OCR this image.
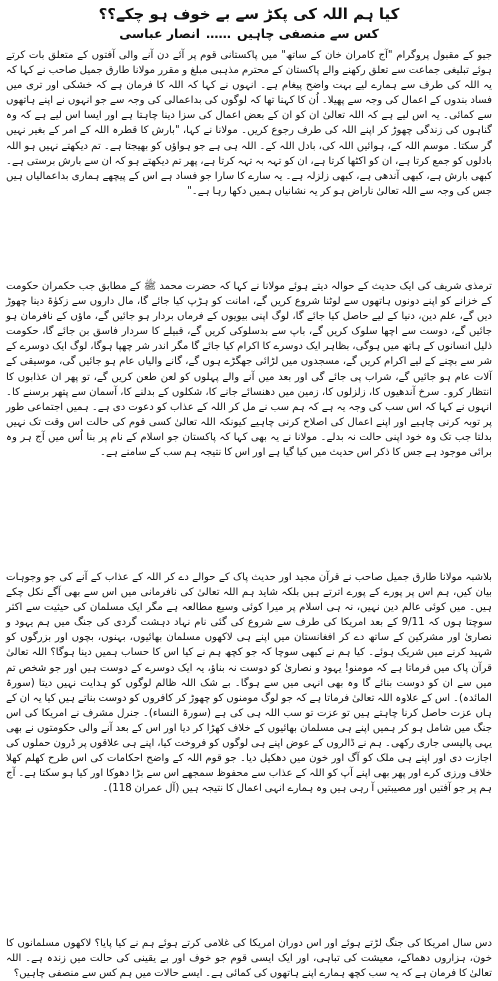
کیا ہم اللہ کی پکڑ سے بے خوف ہو چکے؟؟
کس سے منصفی چاہیں
……
انصار عباسی

جیو کے مقبول پروگرام "آج کامران خان کے ساتھ" میں پاکستانی قوم پر آئے دن آنے والی آفتوں کے متعلق بات کرتے ہوئے تبلیغی جماعت سے تعلق رکھنے والے پاکستان کے محترم مذہبی مبلغ و مقرر مولانا طارق جمیل صاحب نے کہا کہ یہ اللہ کی طرف سے ہمارے لیے بہت واضح پیغام ہے۔ انہوں نے کہا کہ اللہ کا فرمان ہے کہ خشکی اور تری میں فساد بندوں کے اعمال کی وجہ سے پھیلا۔ اُن کا کہنا تھا کہ لوگوں کی بداعمالی کی وجہ سے جو انہوں نے اپنے ہاتھوں سے کمائی۔ یہ اس لیے ہے کہ اللہ تعالیٰ ان کو ان کے بعض اعمال کی سزا دینا چاہتا ہے اور ایسا اس لیے ہے کہ وہ گناہوں کی زندگی چھوڑ کر اپنے اللہ کی طرف رجوع کریں۔ مولانا نے کہا، "بارش کا قطرہ اللہ کے امر کے بغیر نہیں گر سکتا۔ موسم اللہ کے، ہوائیں اللہ کی، بادل اللہ کے۔ اللہ ہی ہے جو ہواؤں کو بھیجتا ہے۔ تم دیکھتے نہیں ہو اللہ بادلوں کو جمع کرتا ہے، ان کو اکٹھا کرتا ہے، ان کو تہہ بہ تہہ کرتا ہے، پھر تم دیکھتے ہو کہ ان سے بارش برستی ہے۔ کبھی بارش ہے، کبھی آندھی ہے، کبھی زلزلہ ہے۔ یہ سارے کا سارا جو فساد ہے اس کے پیچھے ہماری بداعمالیاں ہیں جس کی وجہ سے اللہ تعالیٰ ناراض ہو کر یہ نشانیاں ہمیں دکھا رہا ہے۔"

ترمذی شریف کی ایک حدیث کے حوالہ دیتے ہوئے مولانا نے کہا کہ حضرت محمد ﷺ کے مطابق جب حکمران حکومت کے خزانے کو اپنے دونوں ہاتھوں سے لوٹنا شروع کریں گے، امانت کو ہڑپ کیا جائے گا، مال داروں سے زکوٰۃ دینا چھوڑ دیں گے، علم دین، دنیا کے لیے حاصل کیا جائے گا، لوگ اپنی بیویوں کے فرماں بردار ہو جائیں گے، ماؤں کے نافرمان ہو جائیں گے، دوست سے اچھا سلوک کریں گے، باپ سے بدسلوکی کریں گے، قبیلے کا سردار فاسق بن جائے گا، حکومت ذلیل انسانوں کے ہاتھ میں ہوگی، بظاہر ایک دوسرے کا اکرام کیا جائے گا مگر اندر شر چھپا ہوگا، لوگ ایک دوسرے کے شر سے بچنے کے لیے اکرام کریں گے، مسجدوں میں لڑائی جھگڑے ہوں گے، گانے والیاں عام ہو جائیں گی، موسیقی کے آلات عام ہو جائیں گے، شراب پی جائے گی اور بعد میں آنے والے پہلوں کو لعن طعن کریں گے، تو پھر ان عذابوں کا انتظار کرو۔ سرخ آندھیوں کا، زلزلوں کا، زمین میں دھنسائے جانے کا، شکلوں کے بدلنے کا، آسمان سے پتھر برسنے کا۔ انہوں نے کہا کہ اس سب کی وجہ یہ ہے کہ ہم سب نے مل کر اللہ کے عذاب کو دعوت دی ہے۔ ہمیں اجتماعی طور پر توبہ کرنی چاہیے اور اپنے اعمال کی اصلاح کرنی چاہیے کیونکہ اللہ تعالیٰ کسی قوم کی حالت اس وقت تک نہیں بدلتا جب تک وہ خود اپنی حالت نہ بدلے۔ مولانا نے یہ بھی کہا کہ پاکستان جو اسلام کے نام پر بنا اُس میں آج ہر وہ برائی موجود ہے جس کا ذکر اس حدیث میں کیا گیا ہے اور اس کا نتیجہ ہم سب کے سامنے ہے۔

بلاشبہ مولانا طارق جمیل صاحب نے قرآن مجید اور حدیث پاک کے حوالے دے کر اللہ کے عذاب کے آنے کی جو وجوہات بیان کیں، ہم اس پر پورے کے پورے اترتے ہیں بلکہ شاید ہم اللہ تعالیٰ کی نافرمانی میں اس سے بھی آگے نکل چکے ہیں۔ میں کوئی عالم دین نہیں، نہ ہی اسلام پر میرا کوئی وسیع مطالعہ ہے مگر ایک مسلمان کی حیثیت سے اکثر سوچتا ہوں کہ 9/11 کے بعد امریکا کی طرف سے شروع کی گئی نام نہاد دہشت گردی کی جنگ میں ہم یہود و نصاریٰ اور مشرکین کے ساتھ دے کر افغانستان میں اپنے ہی لاکھوں مسلمان بھائیوں، بہنوں، بچوں اور بزرگوں کو شہید کرنے میں شریک ہوئے۔ کیا ہم نے کبھی سوچا کہ جو کچھ ہم نے کیا اس کا حساب ہمیں دینا ہوگا؟ اللہ تعالیٰ قرآن پاک میں فرماتا ہے کہ مومنو! یہود و نصاریٰ کو دوست نہ بناؤ، یہ ایک دوسرے کے دوست ہیں اور جو شخص تم میں سے ان کو دوست بنائے گا وہ بھی انہی میں سے ہوگا۔ بے شک اللہ ظالم لوگوں کو ہدایت نہیں دیتا (سورۃ المائدہ)۔ اس کے علاوہ اللہ تعالیٰ فرماتا ہے کہ جو لوگ مومنوں کو چھوڑ کر کافروں کو دوست بناتے ہیں کیا یہ ان کے ہاں عزت حاصل کرنا چاہتے ہیں تو عزت تو سب اللہ ہی کی ہے (سورۃ النساء)۔ جنرل مشرف نے امریکا کی اس جنگ میں شامل ہو کر ہمیں اپنے ہی مسلمان بھائیوں کے خلاف کھڑا کر دیا اور اس کے بعد آنے والی حکومتوں نے بھی یہی پالیسی جاری رکھی۔ ہم نے ڈالروں کے عوض اپنے ہی لوگوں کو فروخت کیا، اپنے ہی علاقوں پر ڈرون حملوں کی اجازت دی اور اپنے ہی ملک کو آگ اور خون میں دھکیل دیا۔ جو قوم اللہ کے واضح احکامات کی اس طرح کھلم کھلا خلاف ورزی کرے اور پھر بھی اپنے آپ کو اللہ کے عذاب سے محفوظ سمجھے اس سے بڑا دھوکا اور کیا ہو سکتا ہے۔ آج ہم پر جو آفتیں اور مصیبتیں آ رہی ہیں وہ ہمارے انہی اعمال کا نتیجہ ہیں (آل عمران 118)۔

دس سال امریکا کی جنگ لڑتے ہوئے اور اس دوران امریکا کی غلامی کرتے ہوئے ہم نے کیا پایا؟ لاکھوں مسلمانوں کا خون، ہزاروں دھماکے، معیشت کی تباہی، اور ایک ایسی قوم جو خوف اور بے یقینی کی حالت میں زندہ ہے۔ اللہ تعالیٰ کا فرمان ہے کہ یہ سب کچھ ہمارے اپنے ہاتھوں کی کمائی ہے۔ ایسے حالات میں ہم کس سے منصفی چاہیں؟
